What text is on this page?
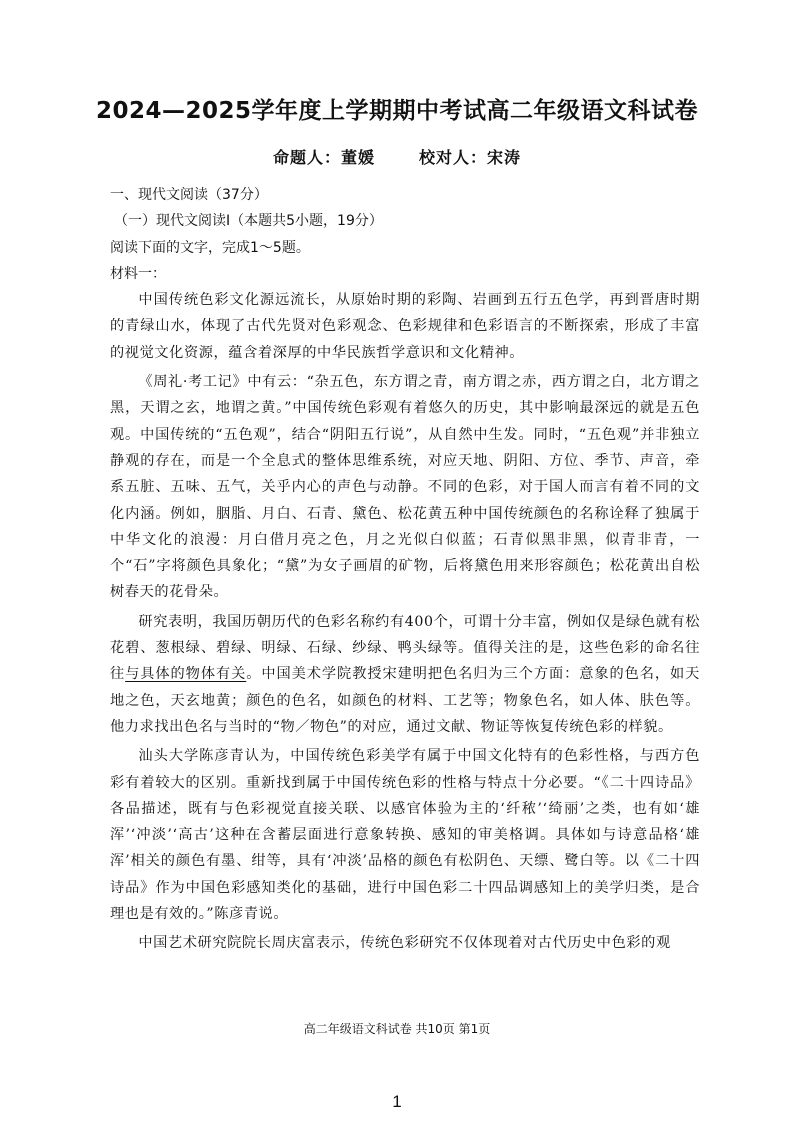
2024—2025学年度上学期期中考试高二年级语文科试卷
命题人：董媛	校对人：宋涛

一、现代文阅读（37分）

（一）现代文阅读Ⅰ（本题共5小题，19分）

阅读下面的文字，完成1～5题。

材料一：

中国传统色彩文化源远流长，从原始时期的彩陶、岩画到五行五色学，再到晋唐时期的青绿山水，体现了古代先贤对色彩观念、色彩规律和色彩语言的不断探索，形成了丰富的视觉文化资源，蕴含着深厚的中华民族哲学意识和文化精神。

《周礼·考工记》中有云：“杂五色，东方谓之青，南方谓之赤，西方谓之白，北方谓之黑，天谓之玄，地谓之黄。”中国传统色彩观有着悠久的历史，其中影响最深远的就是五色观。中国传统的“五色观”，结合“阴阳五行说”，从自然中生发。同时，“五色观”并非独立静观的存在，而是一个全息式的整体思维系统，对应天地、阴阳、方位、季节、声音，牵系五脏、五味、五气，关乎内心的声色与动静。不同的色彩，对于国人而言有着不同的文化内涵。例如，胭脂、月白、石青、黛色、松花黄五种中国传统颜色的名称诠释了独属于中华文化的浪漫：月白借月亮之色，月之光似白似蓝；石青似黑非黑，似青非青，一个“石”字将颜色具象化；“黛”为女子画眉的矿物，后将黛色用来形容颜色；松花黄出自松树春天的花骨朵。

研究表明，我国历朝历代的色彩名称约有400个，可谓十分丰富，例如仅是绿色就有松花碧、葱根绿、碧绿、明绿、石绿、纱绿、鸭头绿等。值得关注的是，这些色彩的命名往往与具体的物体有关。中国美术学院教授宋建明把色名归为三个方面：意象的色名，如天地之色，天玄地黄；颜色的色名，如颜色的材料、工艺等；物象色名，如人体、肤色等。他力求找出色名与当时的“物／物色”的对应，通过文献、物证等恢复传统色彩的样貌。

汕头大学陈彦青认为，中国传统色彩美学有属于中国文化特有的色彩性格，与西方色彩有着较大的区别。重新找到属于中国传统色彩的性格与特点十分必要。“《二十四诗品》各品描述，既有与色彩视觉直接关联、以感官体验为主的‘纤秾’‘绮丽’之类，也有如‘雄浑’‘冲淡’‘高古’这种在含蓄层面进行意象转换、感知的审美格调。具体如与诗意品格‘雄浑’相关的颜色有墨、绀等，具有‘冲淡’品格的颜色有松阴色、天缥、鹭白等。以《二十四诗品》作为中国色彩感知类化的基础，进行中国色彩二十四品调感知上的美学归类，是合理也是有效的。”陈彦青说。

中国艺术研究院院长周庆富表示，传统色彩研究不仅体现着对古代历史中色彩的观

高二年级语文科试卷 共10页 第1页
1
